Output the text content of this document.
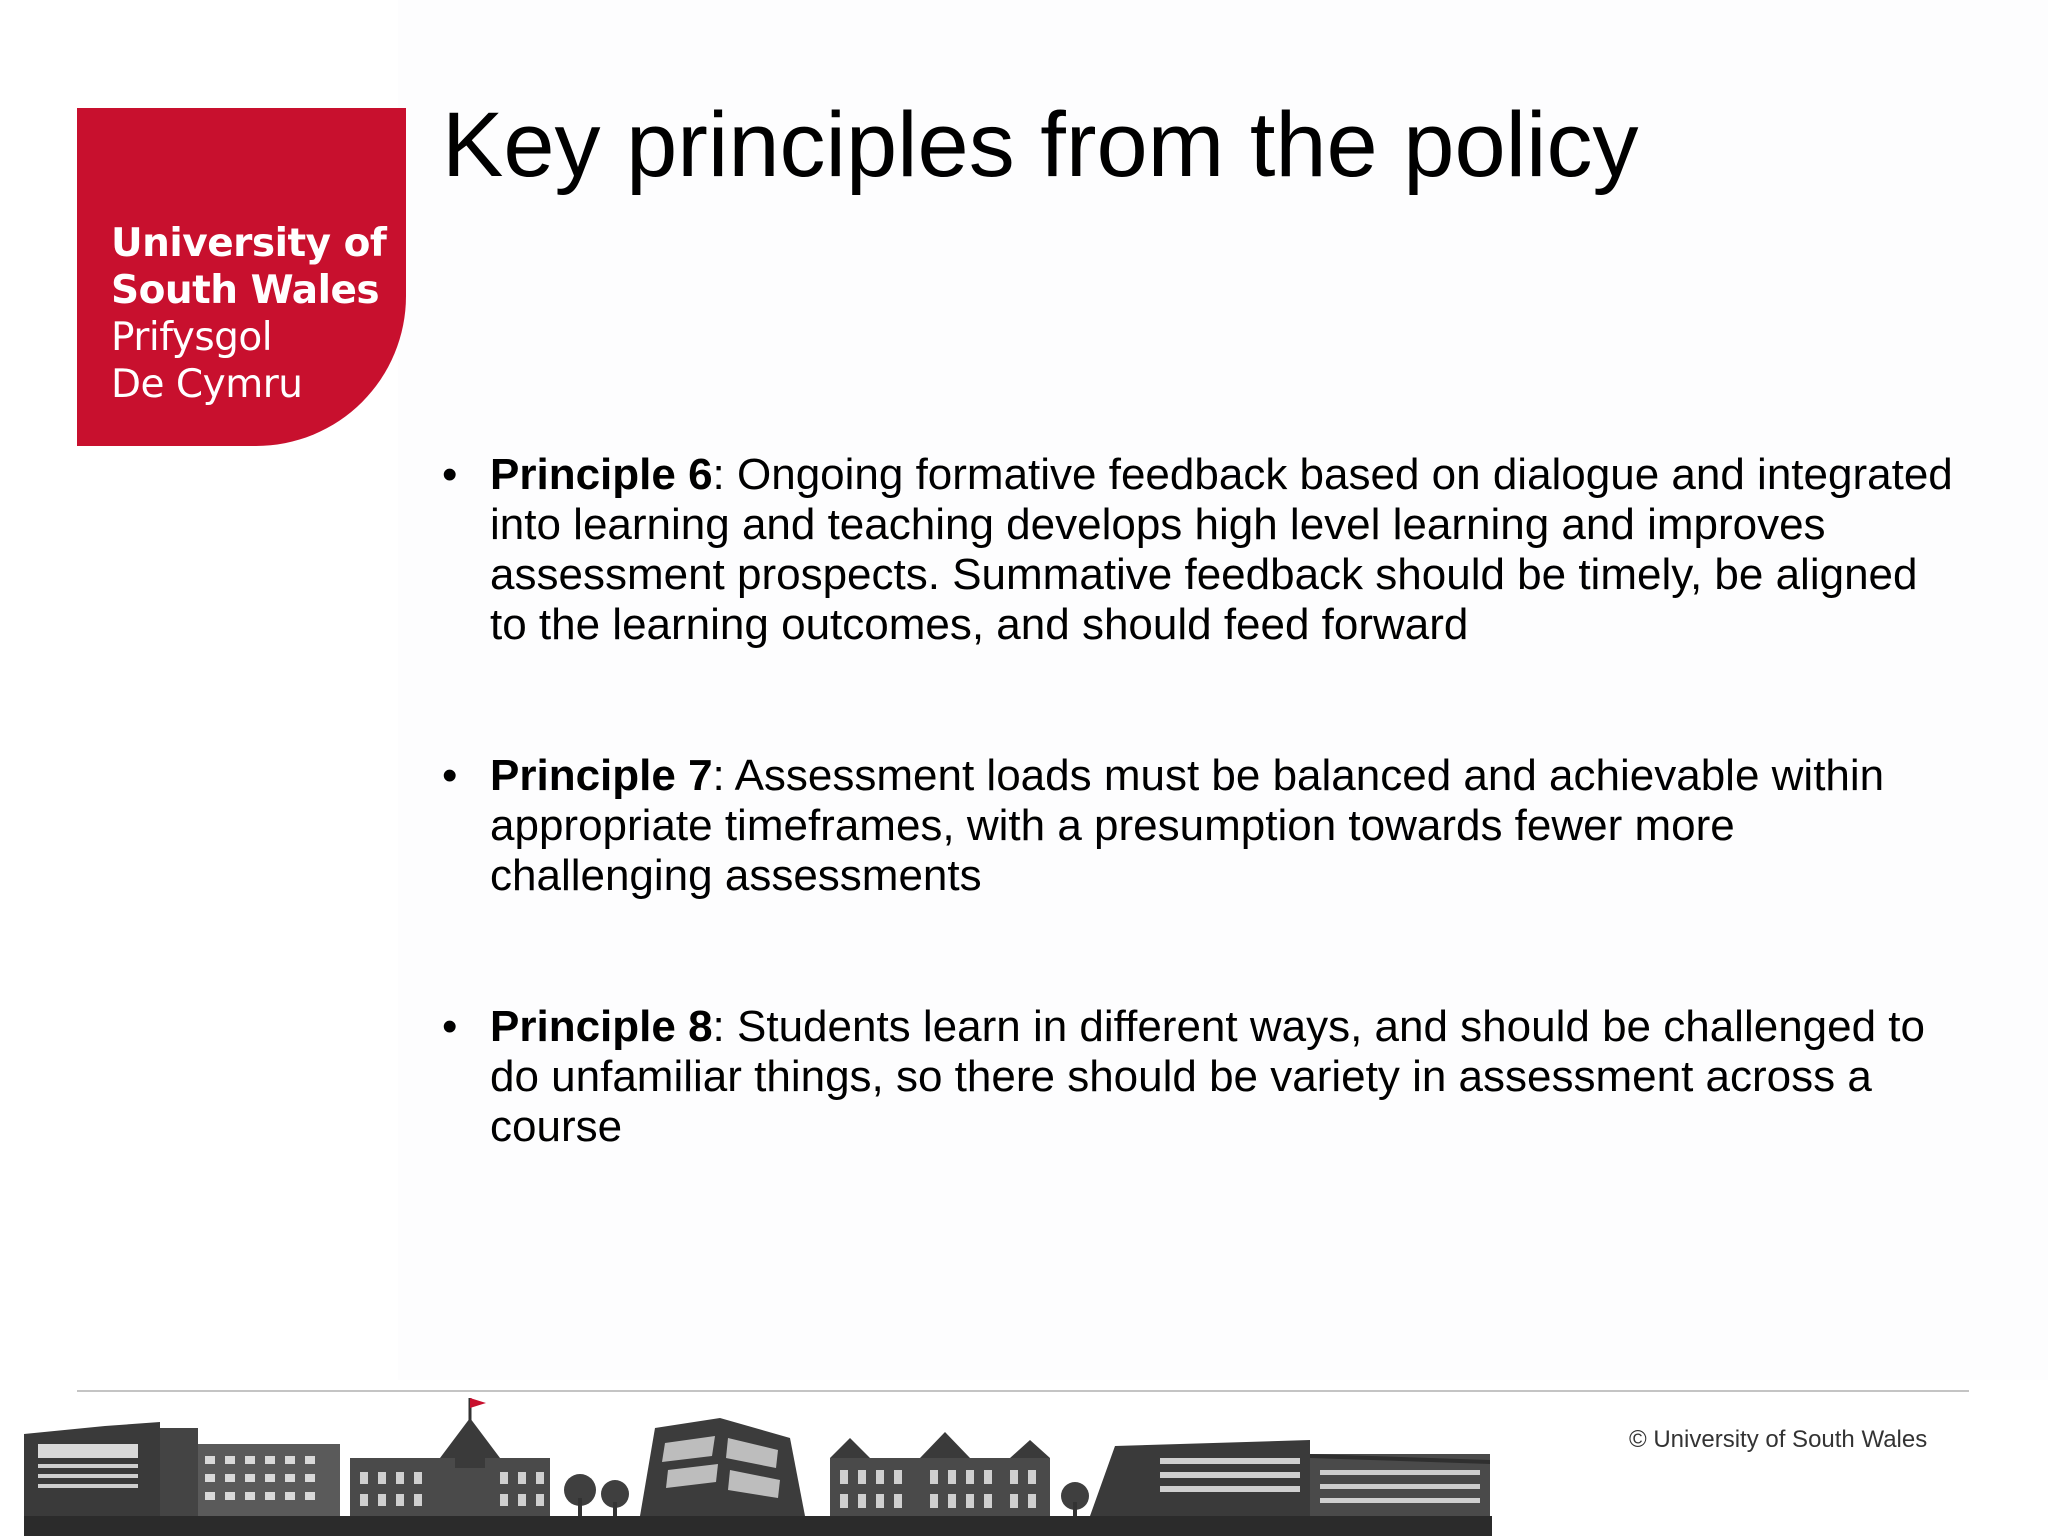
University of
South Wales
Prifysgol
De Cymru
Key principles from the policy
• Principle 6: Ongoing formative feedback based on dialogue and integrated into learning and teaching develops high level learning and improves assessment prospects. Summative feedback should be timely, be aligned to the learning outcomes, and should feed forward
• Principle 7: Assessment loads must be balanced and achievable within appropriate timeframes, with a presumption towards fewer more challenging assessments
• Principle 8: Students learn in different ways, and should be challenged to do unfamiliar things, so there should be variety in assessment across a course
© University of South Wales
